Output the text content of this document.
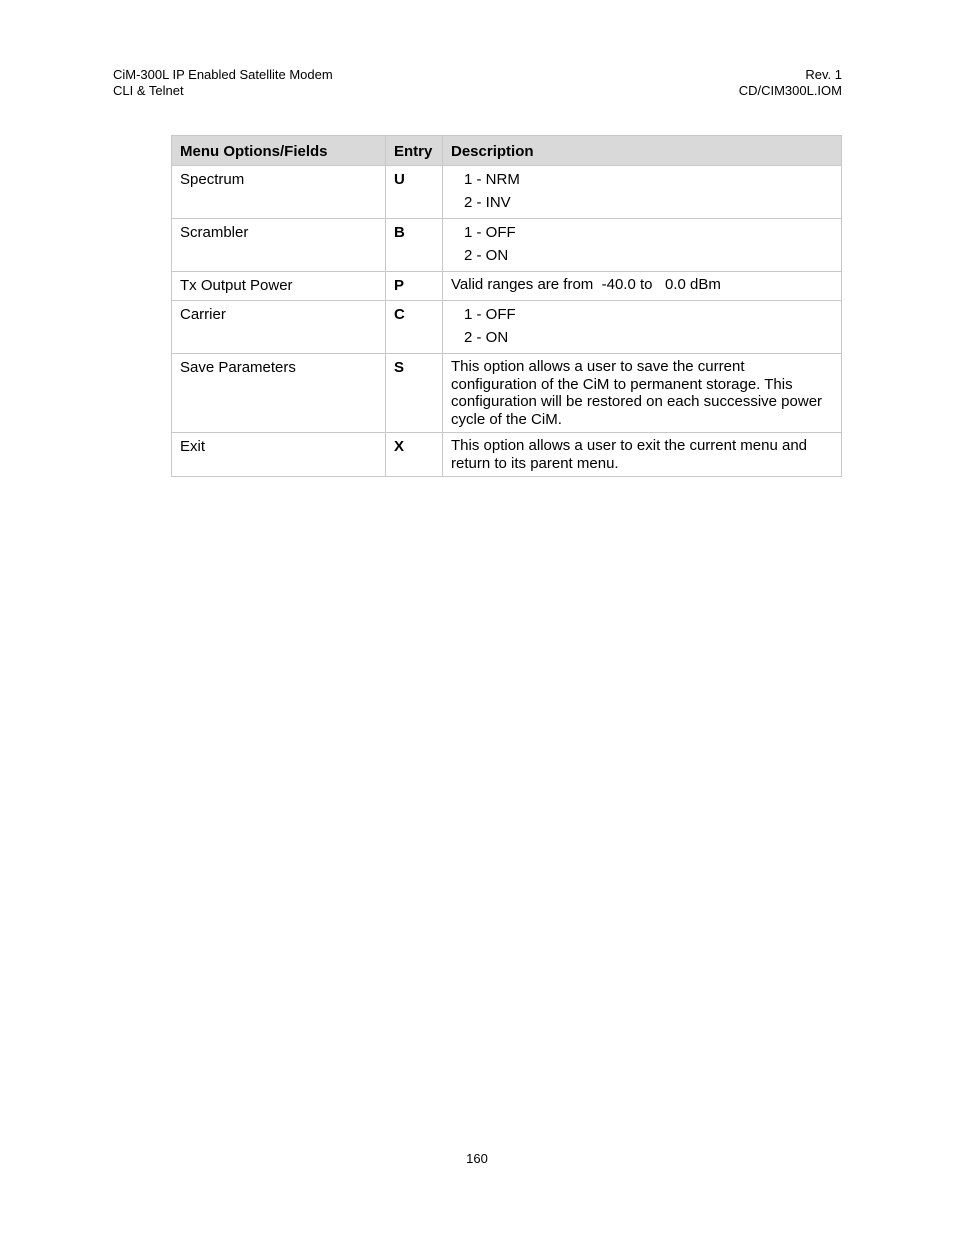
CiM-300L IP Enabled Satellite Modem
CLI & Telnet
Rev. 1
CD/CIM300L.IOM
Menu Options/Fields	Entry	Description
Spectrum	U	1 - NRM
2 - INV

Scrambler	B	1 - OFF
2 - ON

Tx Output Power	P	Valid ranges are from  -40.0 to   0.0 dBm

Carrier	C	1 - OFF
2 - ON

Save Parameters	S	This option allows a user to save the current configuration of the CiM to permanent storage. This configuration will be restored on each successive power cycle of the CiM.

Exit	X	This option allows a user to exit the current menu and return to its parent menu.
160
